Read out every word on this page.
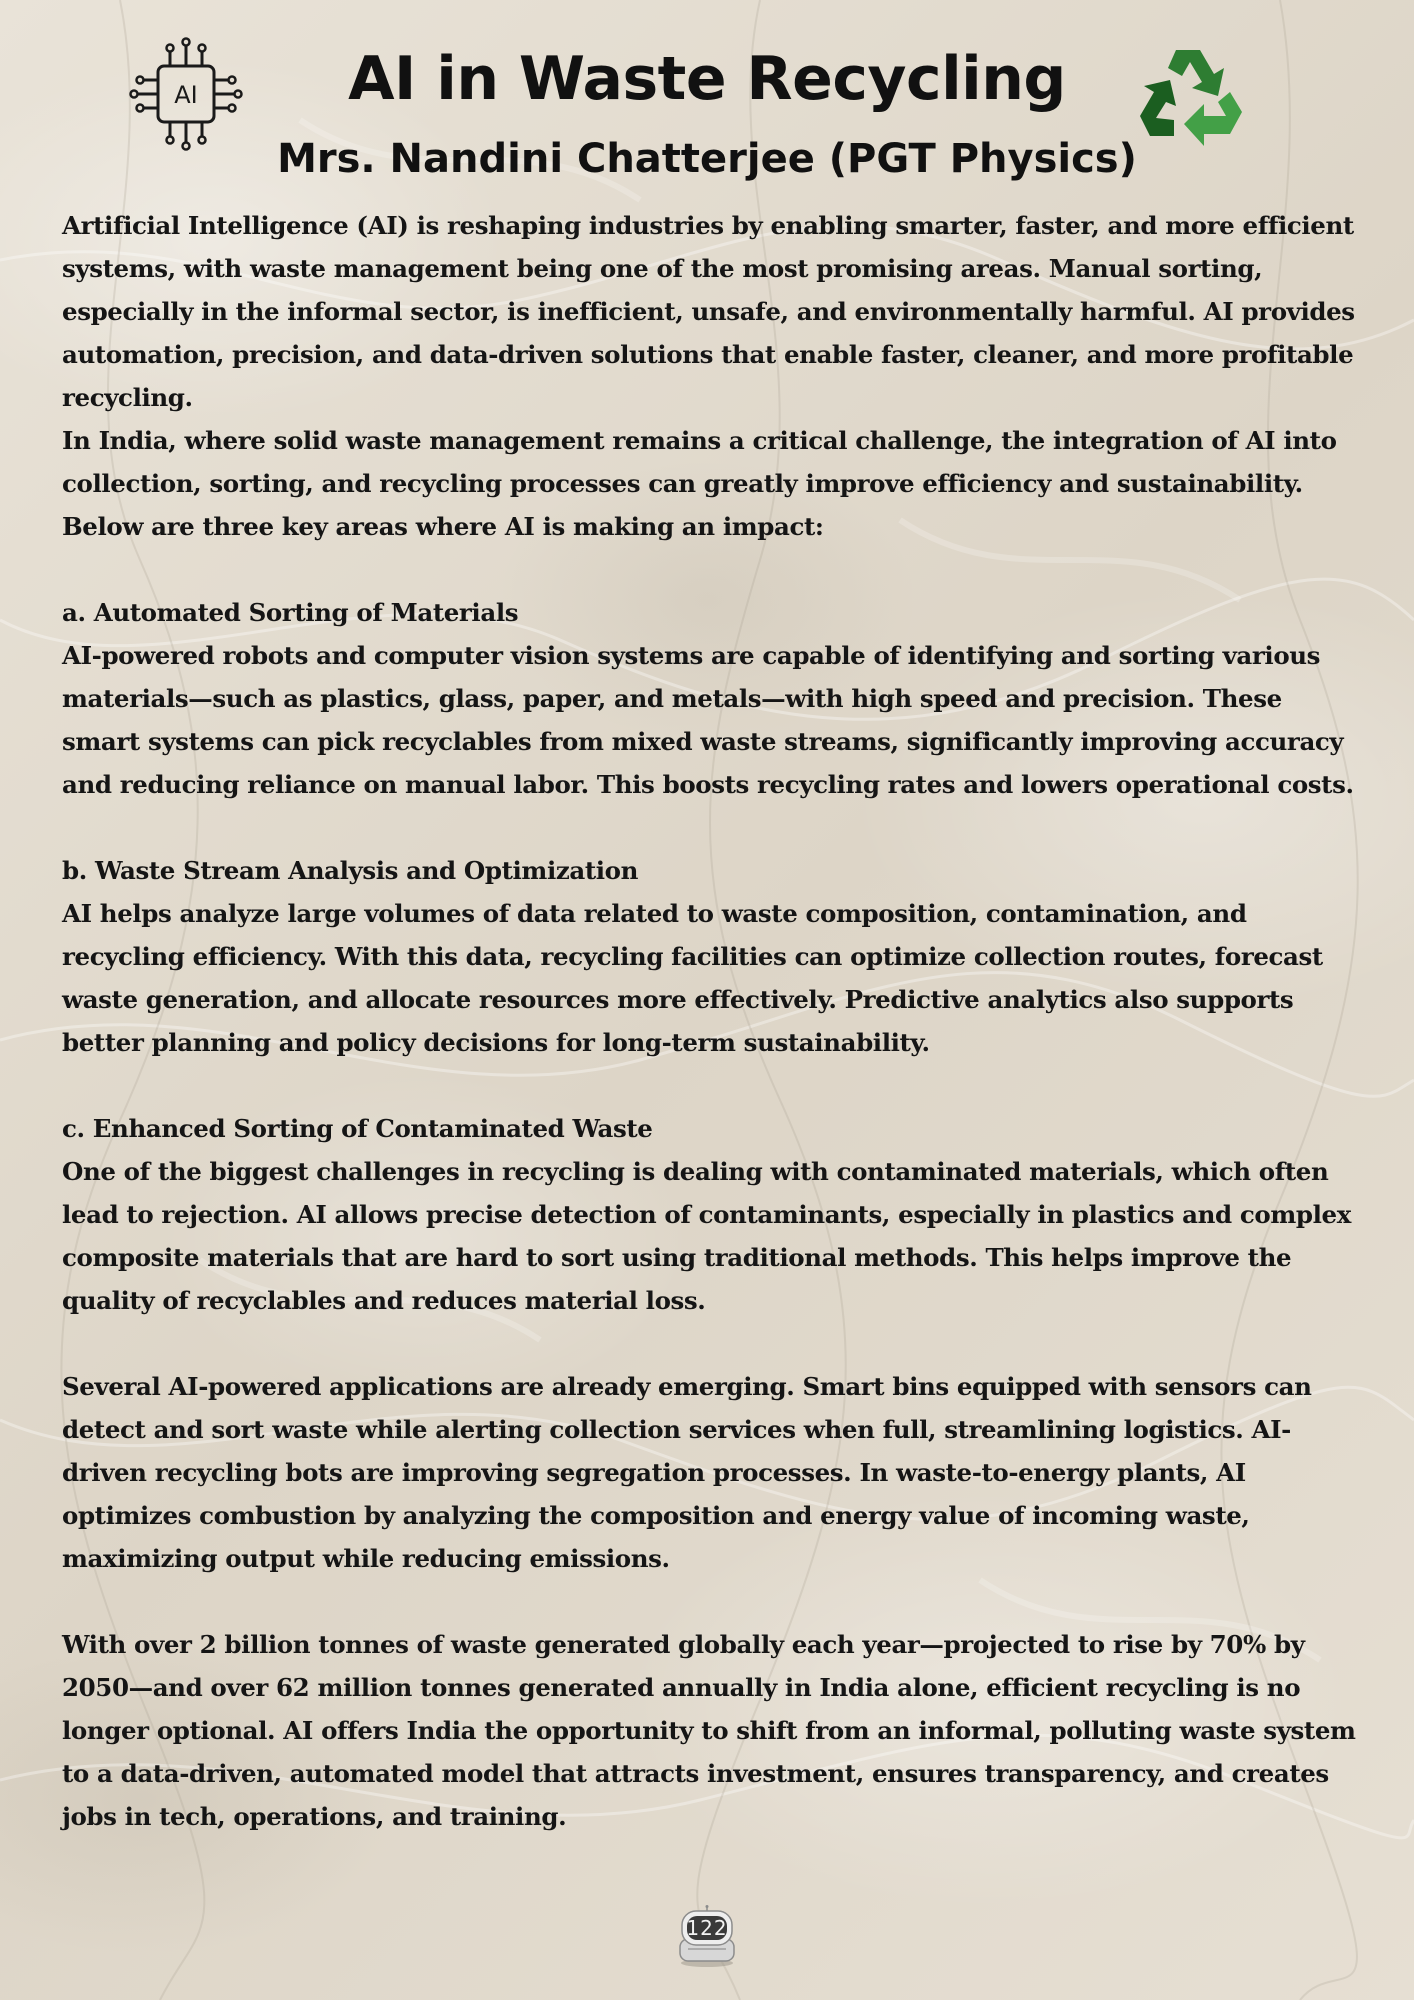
AI	AI in Waste Recycling
Mrs. Nandini Chatterjee (PGT Physics)

Artificial Intelligence (AI) is reshaping industries by enabling smarter, faster, and more efficient systems, with waste management being one of the most promising areas. Manual sorting, especially in the informal sector, is inefficient, unsafe, and environmentally harmful. AI provides automation, precision, and data-driven solutions that enable faster, cleaner, and more profitable recycling.

In India, where solid waste management remains a critical challenge, the integration of AI into collection, sorting, and recycling processes can greatly improve efficiency and sustainability. Below are three key areas where AI is making an impact:

a. Automated Sorting of Materials

AI-powered robots and computer vision systems are capable of identifying and sorting various materials—such as plastics, glass, paper, and metals—with high speed and precision. These smart systems can pick recyclables from mixed waste streams, significantly improving accuracy and reducing reliance on manual labor. This boosts recycling rates and lowers operational costs.

b. Waste Stream Analysis and Optimization

AI helps analyze large volumes of data related to waste composition, contamination, and recycling efficiency. With this data, recycling facilities can optimize collection routes, forecast waste generation, and allocate resources more effectively. Predictive analytics also supports better planning and policy decisions for long-term sustainability.

c. Enhanced Sorting of Contaminated Waste

One of the biggest challenges in recycling is dealing with contaminated materials, which often lead to rejection. AI allows precise detection of contaminants, especially in plastics and complex composite materials that are hard to sort using traditional methods. This helps improve the quality of recyclables and reduces material loss.

Several AI-powered applications are already emerging. Smart bins equipped with sensors can detect and sort waste while alerting collection services when full, streamlining logistics. AI-driven recycling bots are improving segregation processes. In waste-to-energy plants, AI optimizes combustion by analyzing the composition and energy value of incoming waste, maximizing output while reducing emissions.

With over 2 billion tonnes of waste generated globally each year—projected to rise by 70% by 2050—and over 62 million tonnes generated annually in India alone, efficient recycling is no longer optional. AI offers India the opportunity to shift from an informal, polluting waste system to a data-driven, automated model that attracts investment, ensures transparency, and creates jobs in tech, operations, and training.

122
